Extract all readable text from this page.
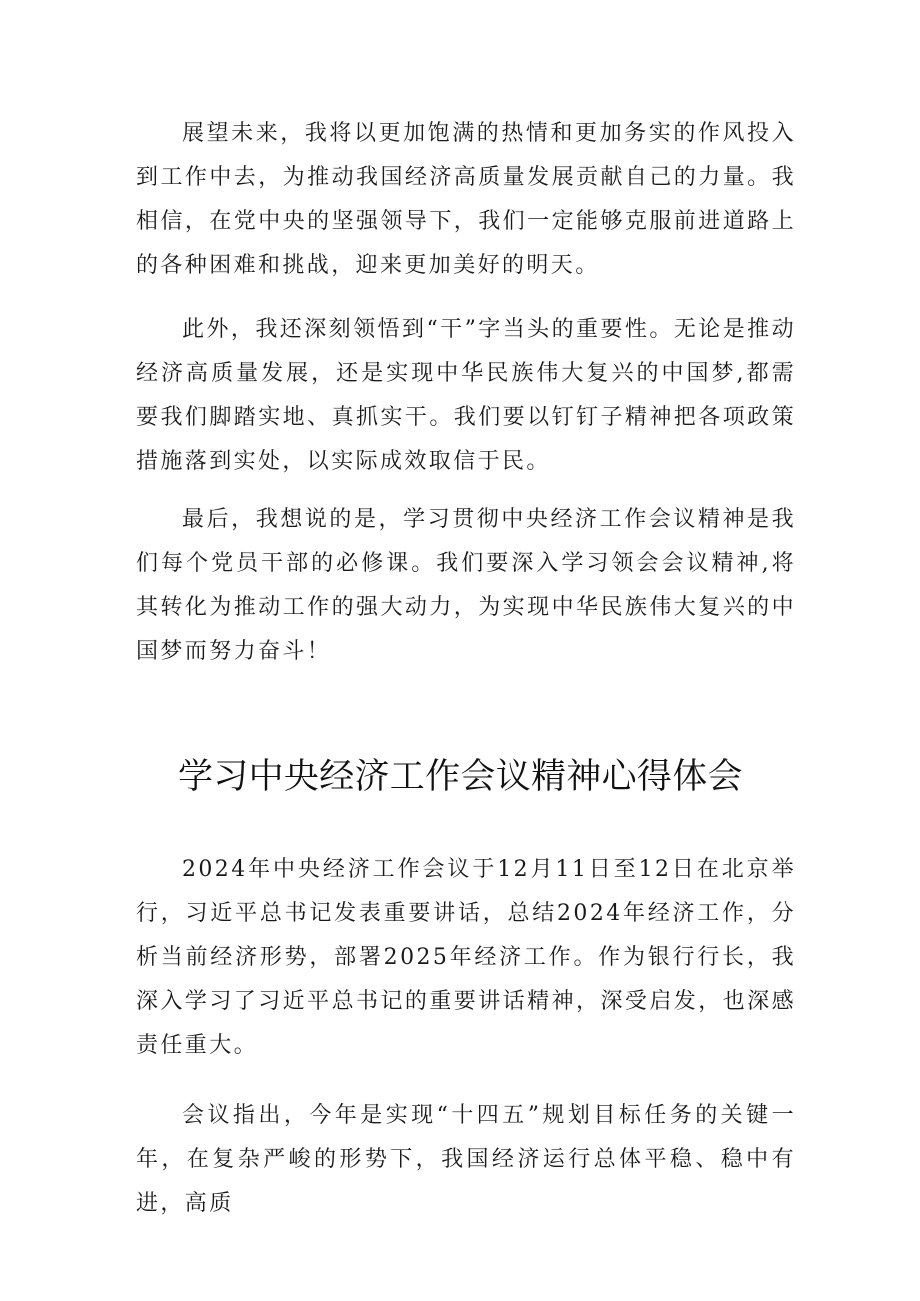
展望未来，我将以更加饱满的热情和更加务实的作风投入到工作中去，为推动我国经济高质量发展贡献自己的力量。我相信，在党中央的坚强领导下，我们一定能够克服前进道路上的各种困难和挑战，迎来更加美好的明天。

此外，我还深刻领悟到“干”字当头的重要性。无论是推动经济高质量发展，还是实现中华民族伟大复兴的中国梦,都需要我们脚踏实地、真抓实干。我们要以钉钉子精神把各项政策措施落到实处，以实际成效取信于民。

最后，我想说的是，学习贯彻中央经济工作会议精神是我们每个党员干部的必修课。我们要深入学习领会会议精神,将其转化为推动工作的强大动力，为实现中华民族伟大复兴的中国梦而努力奋斗！

学习中央经济工作会议精神心得体会

2024年中央经济工作会议于12月11日至12日在北京举行，习近平总书记发表重要讲话，总结2024年经济工作，分析当前经济形势，部署2025年经济工作。作为银行行长，我深入学习了习近平总书记的重要讲话精神，深受启发，也深感责任重大。

会议指出，今年是实现“十四五”规划目标任务的关键一年，在复杂严峻的形势下，我国经济运行总体平稳、稳中有进，高质
